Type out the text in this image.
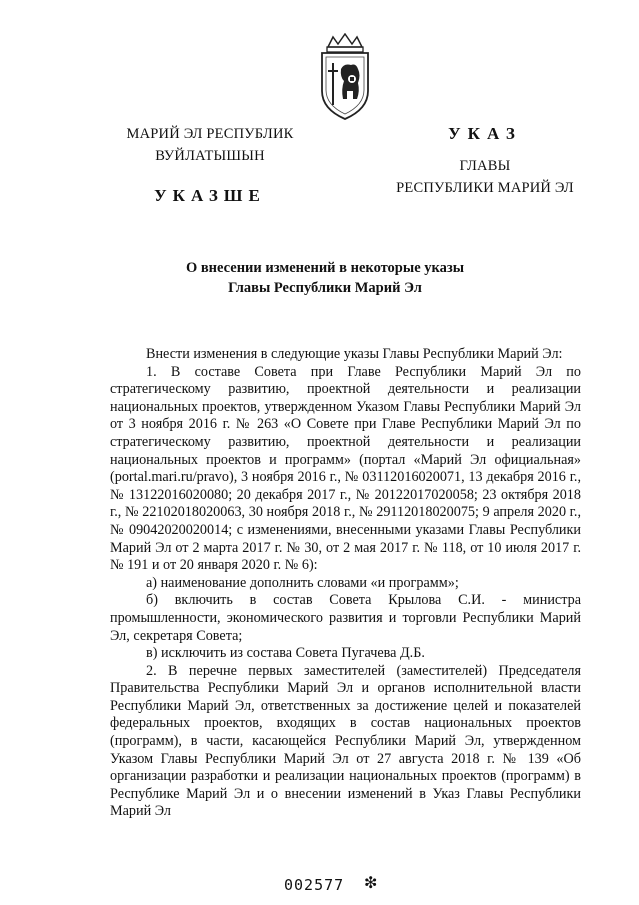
МАРИЙ ЭЛ РЕСПУБЛИК
ВУЙЛАТЫШЫН
УКАЗШЕ
УКАЗ
ГЛАВЫ
РЕСПУБЛИКИ МАРИЙ ЭЛ
О внесении изменений в некоторые указы
Главы Республики Марий Эл

Внести изменения в следующие указы Главы Республики Марий Эл:

1. В составе Совета при Главе Республики Марий Эл по стратегическому развитию, проектной деятельности и реализации национальных проектов, утвержденном Указом Главы Республики Марий Эл от 3 ноября 2016 г. № 263 «О Совете при Главе Республики Марий Эл по стратегическому развитию, проектной деятельности и реализации национальных проектов и программ» (портал «Марий Эл официальная» (portal.mari.ru/pravo), 3 ноября 2016 г., № 03112016020071, 13 декабря 2016 г., № 13122016020080; 20 декабря 2017 г., № 20122017020058; 23 октября 2018 г., № 22102018020063, 30 ноября 2018 г., № 29112018020075; 9 апреля 2020 г., № 09042020020014; с изменениями, внесенными указами Главы Республики Марий Эл от 2 марта 2017 г. № 30, от 2 мая 2017 г. № 118, от 10 июля 2017 г. № 191 и от 20 января 2020 г. № 6):

а) наименование дополнить словами «и программ»;

б) включить в состав Совета Крылова С.И. - министра промышленности, экономического развития и торговли Республики Марий Эл, секретаря Совета;

в) исключить из состава Совета Пугачева Д.Б.

2. В перечне первых заместителей (заместителей) Председателя Правительства Республики Марий Эл и органов исполнительной власти Республики Марий Эл, ответственных за достижение целей и показателей федеральных проектов, входящих в состав национальных проектов (программ), в части, касающейся Республики Марий Эл, утвержденном Указом Главы Республики Марий Эл от 27 августа 2018 г. № 139 «Об организации разработки и реализации национальных проектов (программ) в Республике Марий Эл и о внесении изменений в Указ Главы Республики Марий Эл

002577 ❇
